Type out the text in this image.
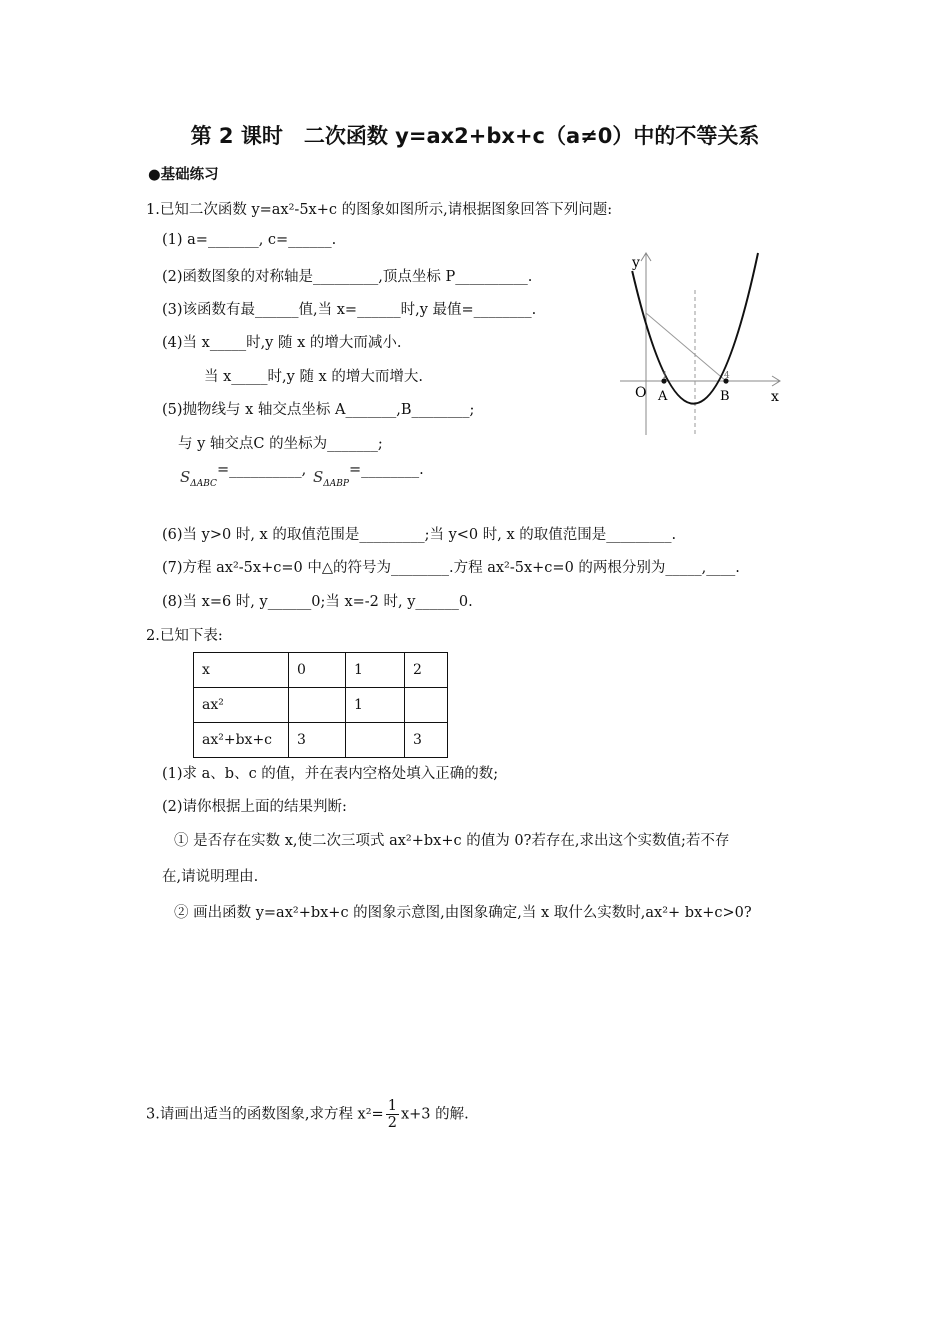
第 2 课时　二次函数 y=ax2+bx+c（a≠0）中的不等关系
●基础练习
1.已知二次函数 y=ax²-5x+c 的图象如图所示,请根据图象回答下列问题:
(1) a=_______, c=______.
(2)函数图象的对称轴是_________,顶点坐标 P__________.
(3)该函数有最______值,当 x=______时,y 最值=________.
(4)当 x_____时,y 随 x 的增大而减小.
当 x_____时,y 随 x 的增大而增大.
(5)抛物线与 x 轴交点坐标 A_______,B________;
与 y 轴交点C 的坐标为_______;
$S_{\Delta ABC}=\_\_\_\_\_\_\_\_\_\_$, $S_{\Delta ABP}=\_\_\_\_\_\_\_\_$.
(6)当 y>0 时, x 的取值范围是_________;当 y<0 时, x 的取值范围是_________.
(7)方程 ax²-5x+c=0 中△的符号为________.方程 ax²-5x+c=0 的两根分别为_____,____.
(8)当 x=6 时, y______0;当 x=-2 时, y______0.
y
x
O A	B
1	4
2.已知下表:
x	0	1	2
ax²		1	
ax²+bx+c	3		3
(1)求 a、b、c 的值，并在表内空格处填入正确的数;
(2)请你根据上面的结果判断:
① 是否存在实数 x,使二次三项式 ax²+bx+c 的值为 0?若存在,求出这个实数值;若不存
在,请说明理由.
② 画出函数 y=ax²+bx+c 的图象示意图,由图象确定,当 x 取什么实数时,ax²+ bx+c>0?
3.请画出适当的函数图象,求方程 $x^2= \frac{1}{2} x+3$ 的解.
